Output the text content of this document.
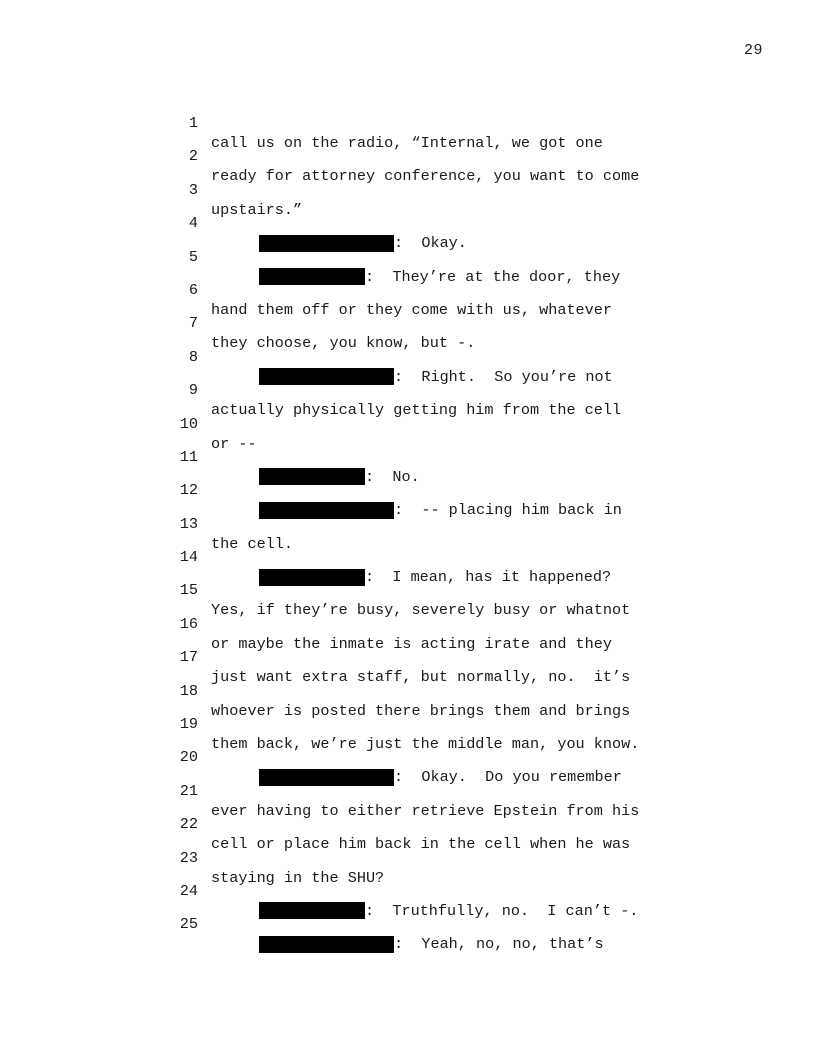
29

1

call us on the radio, “Internal, we got one

2

ready for attorney conference, you want to come

3

upstairs.”

4

:  Okay.

5

:  They’re at the door, they

6

hand them off or they come with us, whatever

7

they choose, you know, but -.

8

:  Right.  So you’re not

9

actually physically getting him from the cell

10

or --

11

:  No.

12

:  -- placing him back in

13

the cell.

14

:  I mean, has it happened?

15

Yes, if they’re busy, severely busy or whatnot

16

or maybe the inmate is acting irate and they

17

just want extra staff, but normally, no.  it’s

18

whoever is posted there brings them and brings

19

them back, we’re just the middle man, you know.

20

:  Okay.  Do you remember

21

ever having to either retrieve Epstein from his

22

cell or place him back in the cell when he was

23

staying in the SHU?

24

:  Truthfully, no.  I can’t -.

25

:  Yeah, no, no, that’s
